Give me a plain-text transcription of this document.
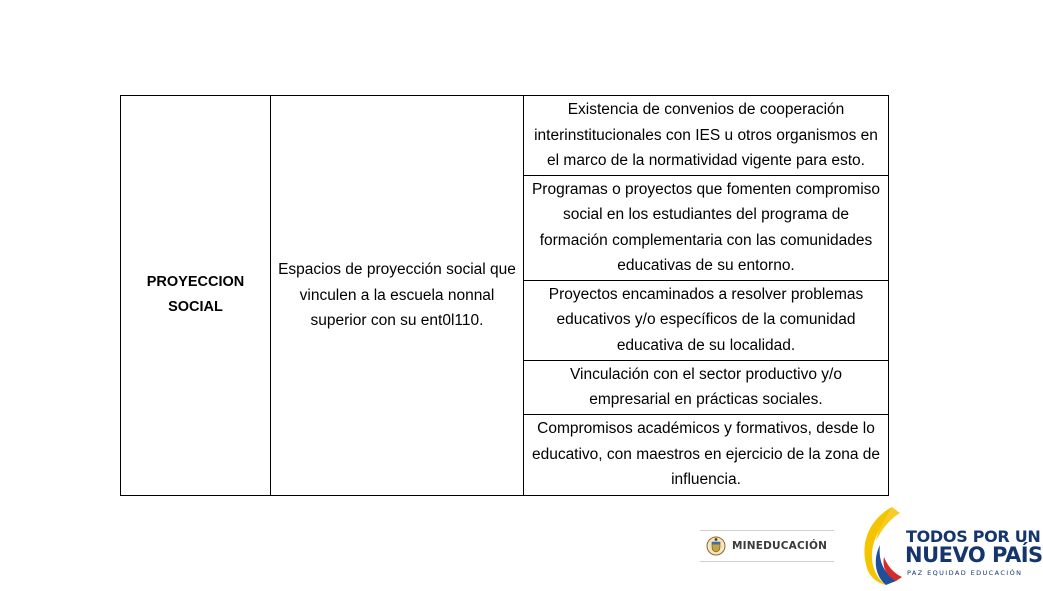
PROYECCION SOCIAL	Espacios de proyección social que vinculen a la escuela nonnal superior con su ent0l110.	Existencia de convenios de cooperación interinstitucionales con IES u otros organismos en el marco de la normatividad vigente para esto.
Programas o proyectos que fomenten compromiso social en los estudiantes del programa de formación complementaria con las comunidades educativas de su entorno.
Proyectos encaminados a resolver problemas educativos y/o específicos de la comunidad educativa de su localidad.
Vinculación con el sector productivo y/o empresarial en prácticas sociales.
Compromisos académicos y formativos, desde lo educativo, con maestros en ejercicio de la zona de influencia.
MINEDUCACIÓN	TODOS POR UN
NUEVO PAÍS
PAZ EQUIDAD EDUCACIÓN
